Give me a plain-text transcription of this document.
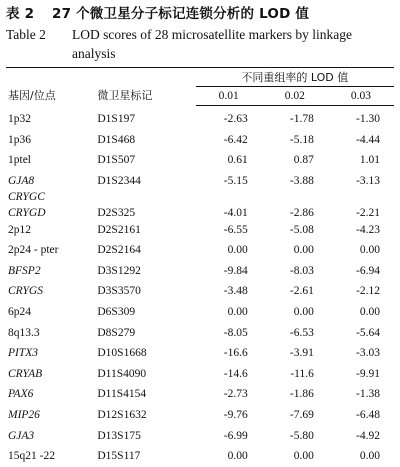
表 2 27 个微卫星分子标记连锁分析的 LOD 值
Table 2	LOD scores of 28 microsatellite markers by linkage analysis
基因/位点	微卫星标记	不同重组率的 LOD 值		
		0.01	0.02	0.03

1p32	D1S197	-2.63	-1.78	-1.30

1p36	D1S468	-6.42	-5.18	-4.44

1ptel	D1S507	0.61	0.87	1.01

GJA8	D1S2344	-5.15	-3.88	-3.13

CRYGC
CRYGD	D2S325	-4.01	-2.86	-2.21

2p12	D2S2161	-6.55	-5.08	-4.23

2p24 - pter	D2S2164	0.00	0.00	0.00

BFSP2	D3S1292	-9.84	-8.03	-6.94

CRYGS	D3S3570	-3.48	-2.61	-2.12

6p24	D6S309	0.00	0.00	0.00

8q13.3	D8S279	-8.05	-6.53	-5.64

PITX3	D10S1668	-16.6	-3.91	-3.03

CRYAB	D11S4090	-14.6	-11.6	-9.91

PAX6	D11S4154	-2.73	-1.86	-1.38

MIP26	D12S1632	-9.76	-7.69	-6.48

GJA3	D13S175	-6.99	-5.80	-4.92

15q21 -22	D15S117	0.00	0.00	0.00
